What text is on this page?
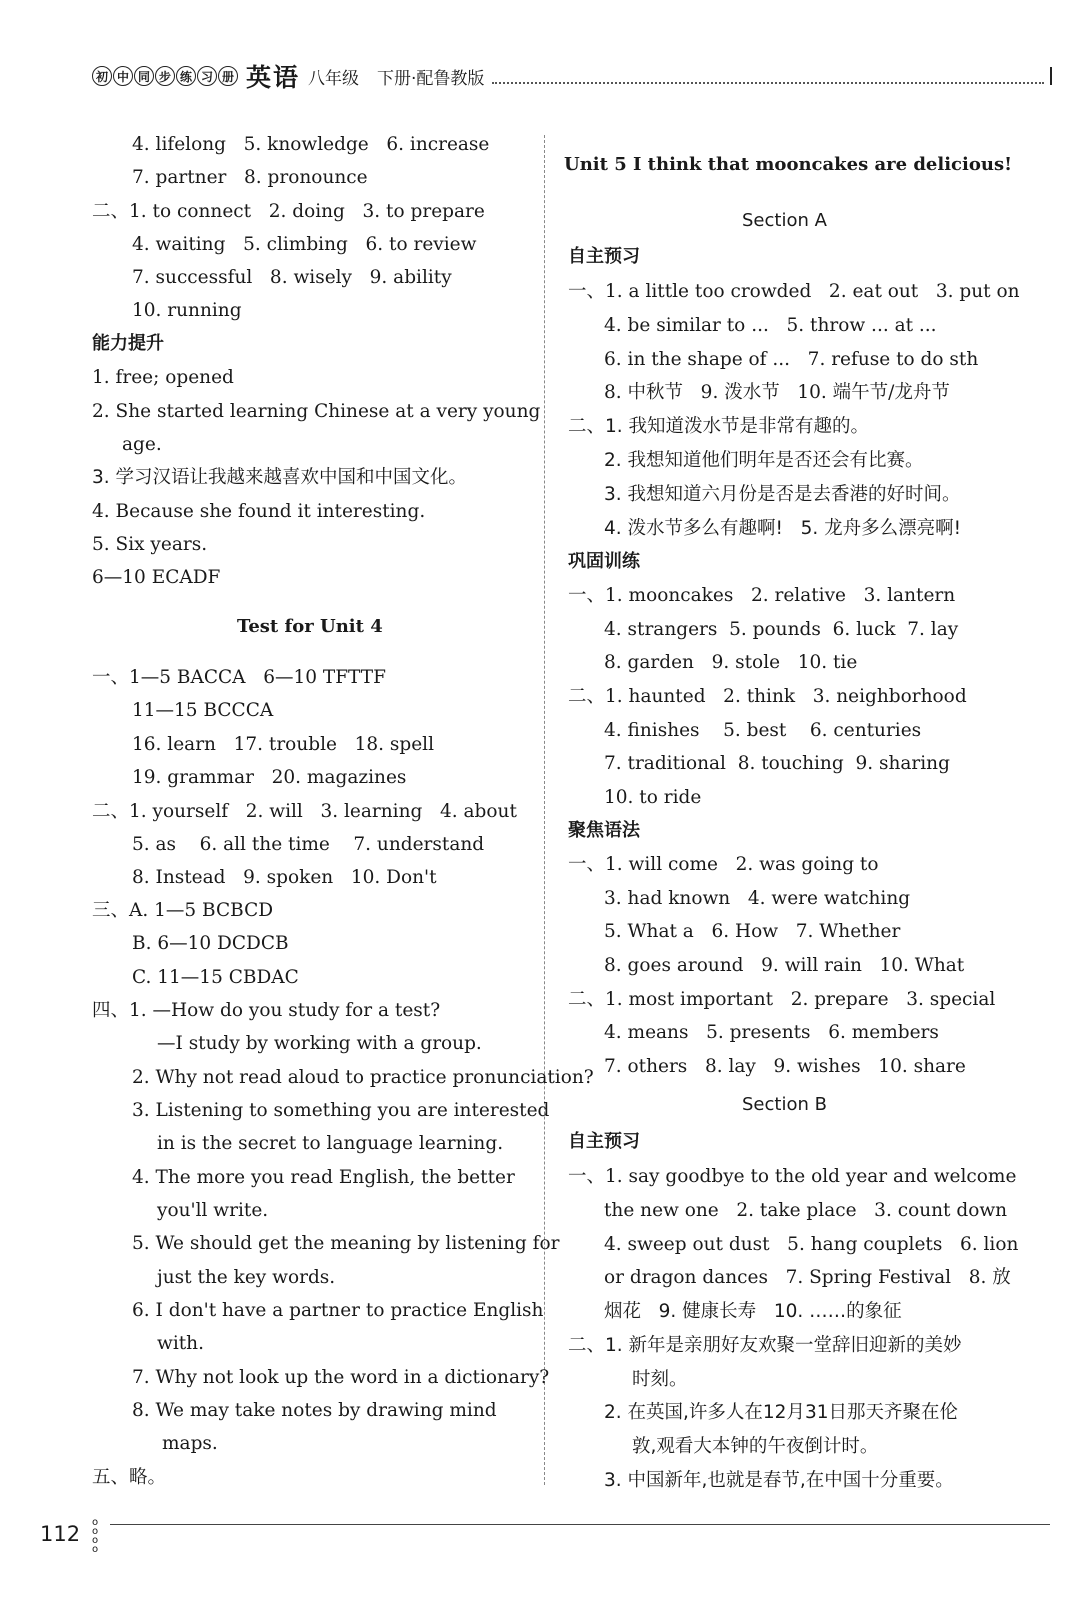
初 中 同 步 练 习 册 英语 八年级 下册·配鲁教版
Test for Unit 4
4. lifelong   5. knowledge   6. increase
7. partner   8. pronounce
二、1. to connect   2. doing   3. to prepare
4. waiting   5. climbing   6. to review
7. successful   8. wisely   9. ability
10. running
能力提升
1. free; opened
2. She started learning Chinese at a very young
age.
3. 学习汉语让我越来越喜欢中国和中国文化。
4. Because she found it interesting.
5. Six years.
6—10 ECADF
一、1—5 BACCA   6—10 TFTTF
11—15 BCCCA
16. learn   17. trouble   18. spell
19. grammar   20. magazines
二、1. yourself   2. will   3. learning   4. about
5. as    6. all the time    7. understand
8. Instead   9. spoken   10. Don't
三、A. 1—5 BCBCD
B. 6—10 DCDCB
C. 11—15 CBDAC
四、1. —How do you study for a test?
—I study by working with a group.
2. Why not read aloud to practice pronunciation?
3. Listening to something you are interested
in is the secret to language learning.
4. The more you read English, the better
you'll write.
5. We should get the meaning by listening for
just the key words.
6. I don't have a partner to practice English
with.
7. Why not look up the word in a dictionary?
8. We may take notes by drawing mind
maps.
五、略。
Unit 5 I think that mooncakes are delicious!
Section A
Section B
自主预习
一、1. a little too crowded   2. eat out   3. put on
4. be similar to ...   5. throw ... at ...
6. in the shape of ...   7. refuse to do sth
8. 中秋节   9. 泼水节   10. 端午节/龙舟节
二、1. 我知道泼水节是非常有趣的。
2. 我想知道他们明年是否还会有比赛。
3. 我想知道六月份是否是去香港的好时间。
4. 泼水节多么有趣啊!   5. 龙舟多么漂亮啊!
巩固训练
一、1. mooncakes   2. relative   3. lantern
4. strangers  5. pounds  6. luck  7. lay
8. garden   9. stole   10. tie
二、1. haunted   2. think   3. neighborhood
4. finishes    5. best    6. centuries
7. traditional  8. touching  9. sharing
10. to ride
聚焦语法
一、1. will come   2. was going to
3. had known   4. were watching
5. What a   6. How   7. Whether
8. goes around   9. will rain   10. What
二、1. most important   2. prepare   3. special
4. means   5. presents   6. members
7. others   8. lay   9. wishes   10. share
自主预习
一、1. say goodbye to the old year and welcome
the new one   2. take place   3. count down
4. sweep out dust   5. hang couplets   6. lion
or dragon dances   7. Spring Festival   8. 放
烟花   9. 健康长寿   10. ……的象征
二、1. 新年是亲朋好友欢聚一堂辞旧迎新的美妙
时刻。
2. 在英国,许多人在12月31日那天齐聚在伦
敦,观看大本钟的午夜倒计时。
3. 中国新年,也就是春节,在中国十分重要。
112 o
o
o
o
